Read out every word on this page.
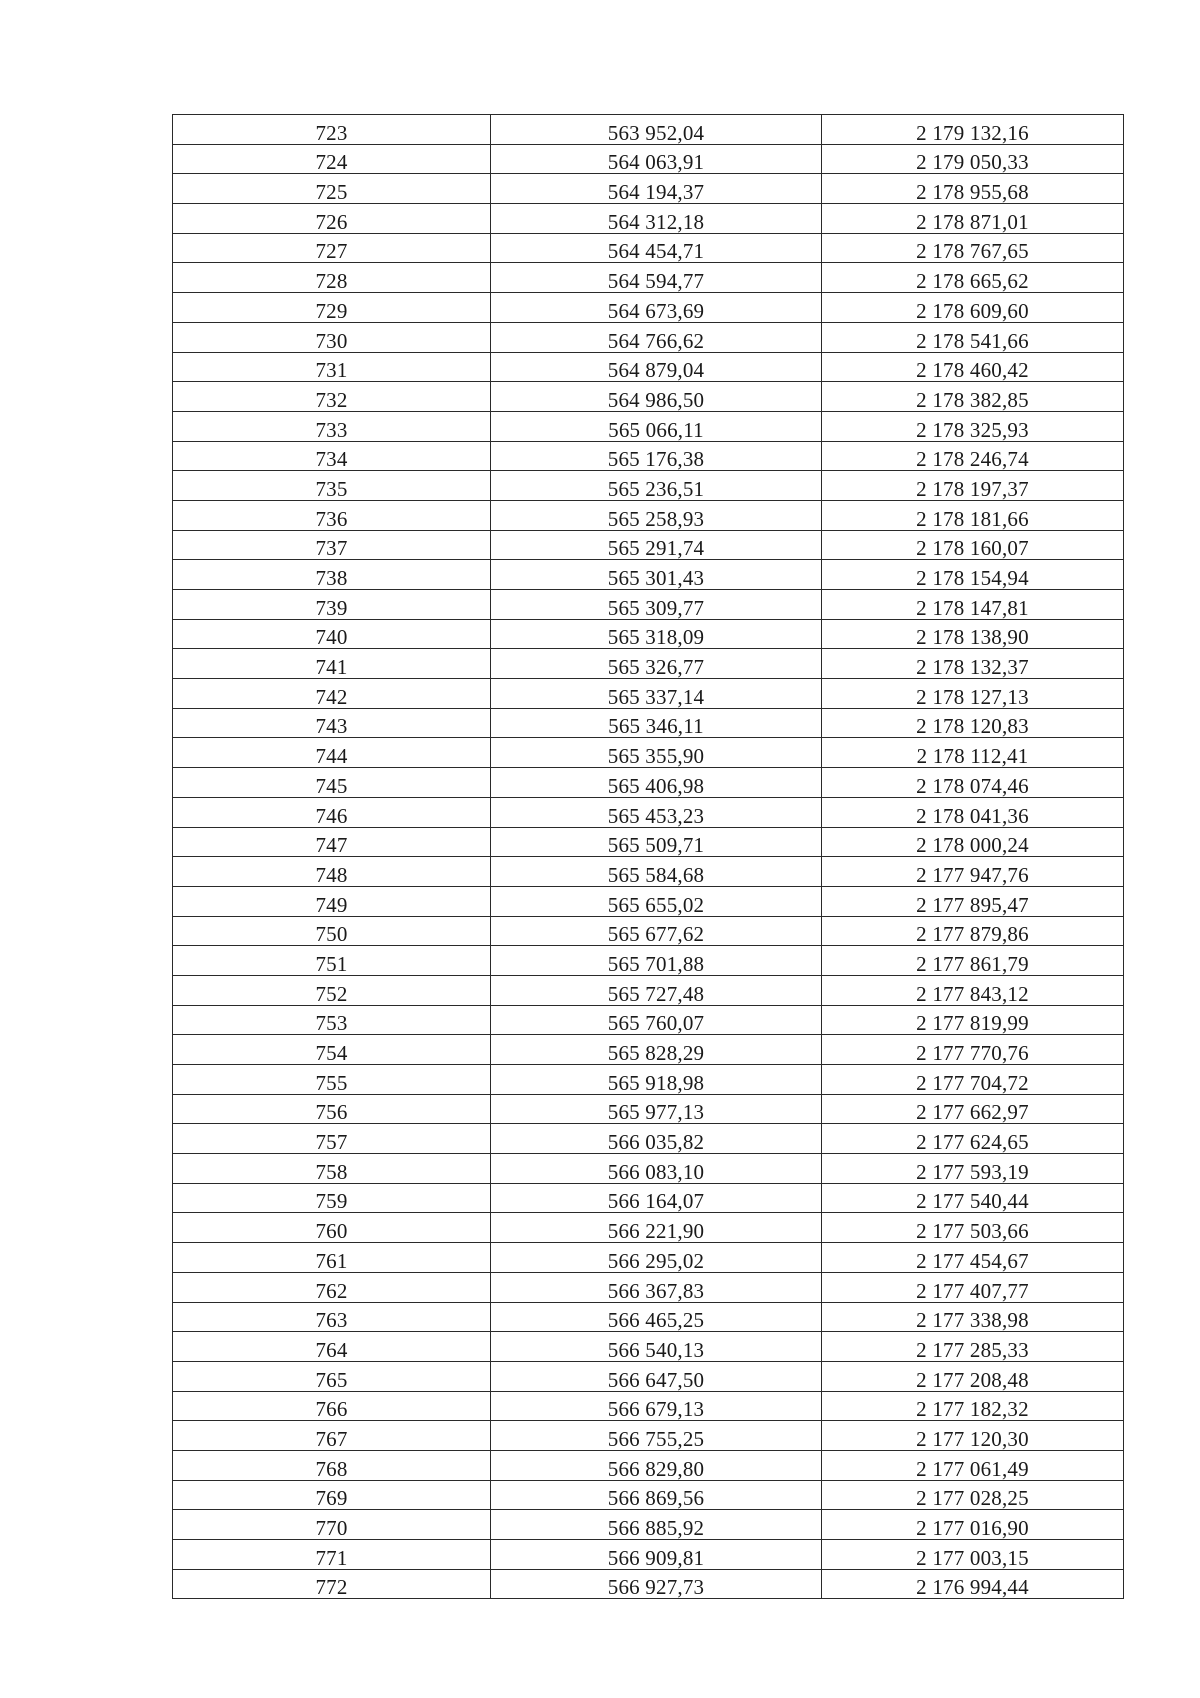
723	563 952,04	2 179 132,16
724	564 063,91	2 179 050,33
725	564 194,37	2 178 955,68
726	564 312,18	2 178 871,01
727	564 454,71	2 178 767,65
728	564 594,77	2 178 665,62
729	564 673,69	2 178 609,60
730	564 766,62	2 178 541,66
731	564 879,04	2 178 460,42
732	564 986,50	2 178 382,85
733	565 066,11	2 178 325,93
734	565 176,38	2 178 246,74
735	565 236,51	2 178 197,37
736	565 258,93	2 178 181,66
737	565 291,74	2 178 160,07
738	565 301,43	2 178 154,94
739	565 309,77	2 178 147,81
740	565 318,09	2 178 138,90
741	565 326,77	2 178 132,37
742	565 337,14	2 178 127,13
743	565 346,11	2 178 120,83
744	565 355,90	2 178 112,41
745	565 406,98	2 178 074,46
746	565 453,23	2 178 041,36
747	565 509,71	2 178 000,24
748	565 584,68	2 177 947,76
749	565 655,02	2 177 895,47
750	565 677,62	2 177 879,86
751	565 701,88	2 177 861,79
752	565 727,48	2 177 843,12
753	565 760,07	2 177 819,99
754	565 828,29	2 177 770,76
755	565 918,98	2 177 704,72
756	565 977,13	2 177 662,97
757	566 035,82	2 177 624,65
758	566 083,10	2 177 593,19
759	566 164,07	2 177 540,44
760	566 221,90	2 177 503,66
761	566 295,02	2 177 454,67
762	566 367,83	2 177 407,77
763	566 465,25	2 177 338,98
764	566 540,13	2 177 285,33
765	566 647,50	2 177 208,48
766	566 679,13	2 177 182,32
767	566 755,25	2 177 120,30
768	566 829,80	2 177 061,49
769	566 869,56	2 177 028,25
770	566 885,92	2 177 016,90
771	566 909,81	2 177 003,15
772	566 927,73	2 176 994,44
